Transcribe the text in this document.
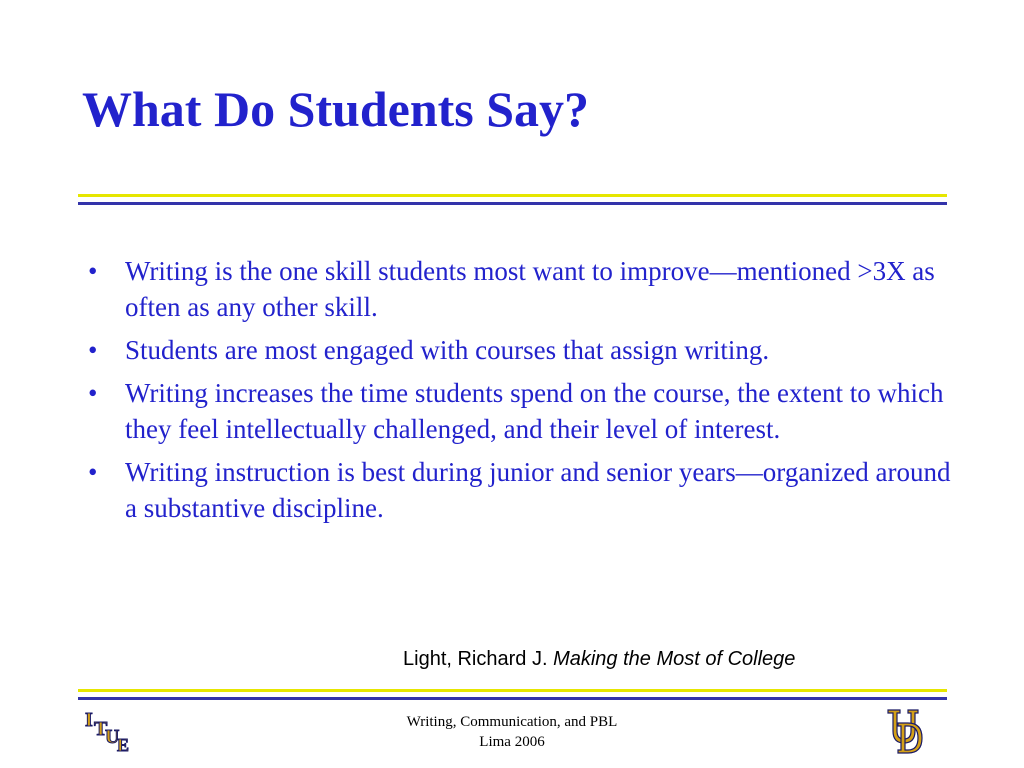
What Do Students Say?
• Writing is the one skill students most want to improve—mentioned >3X as often as any other skill.
• Students are most engaged with courses that assign writing.
• Writing increases the time students spend on the course, the extent to which they feel intellectually challenged, and their level of interest.
• Writing instruction is best during junior and senior years—organized around a substantive discipline.
Light, Richard J. Making the Most of College
I T
U
E
Writing, Communication, and PBL
Lima 2006
